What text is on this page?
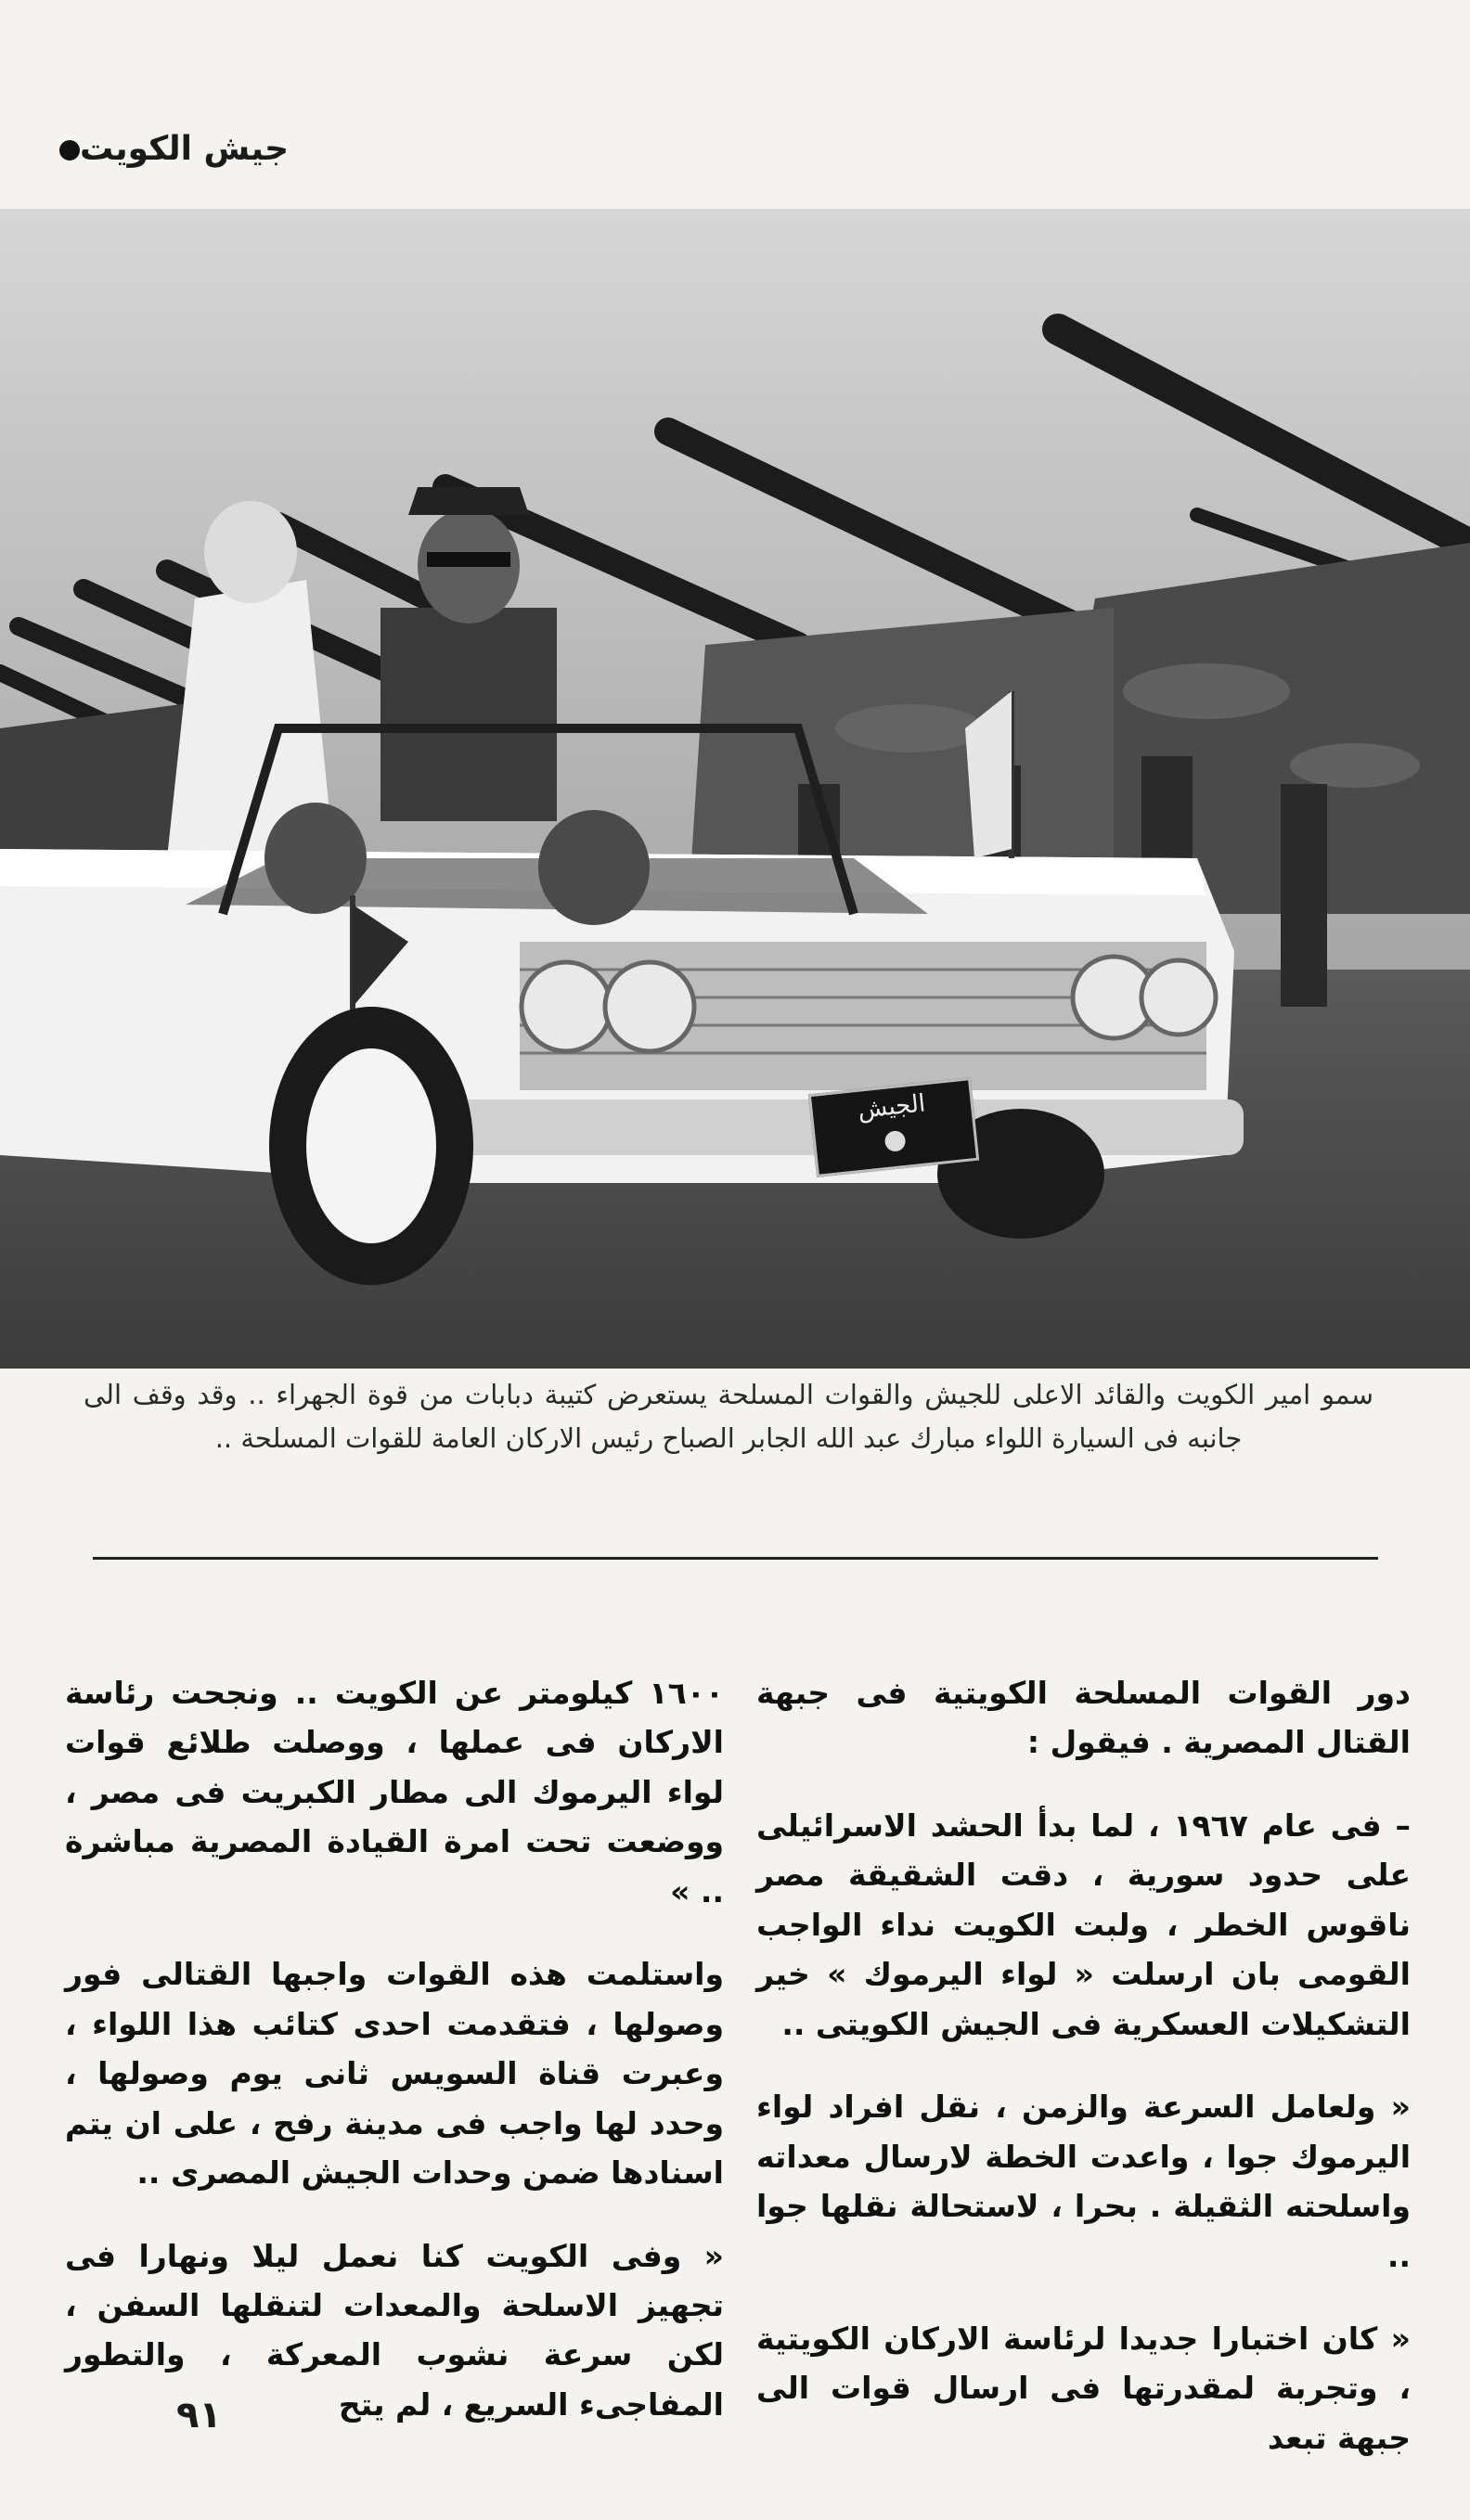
جيش الكويت
الجيش
سمو امير الكويت والقائد الاعلى للجيش والقوات المسلحة يستعرض كتيبة دبابات من قوة الجهراء .. وقد وقف الى جانبه فى السيارة اللواء مبارك عبد الله الجابر الصباح رئيس الاركان العامة للقوات المسلحة ..

دور القوات المسلحة الكويتية فى جبهة القتال المصرية . فيقول :

– فى عام ١٩٦٧ ، لما بدأ الحشد الاسرائيلى على حدود سورية ، دقت الشقيقة مصر ناقوس الخطر ، ولبت الكويت نداء الواجب القومى بان ارسلت « لواء اليرموك » خير التشكيلات العسكرية فى الجيش الكويتى ..

« ولعامل السرعة والزمن ، نقل افراد لواء اليرموك جوا ، واعدت الخطة لارسال معداته واسلحته الثقيلة . بحرا ، لاستحالة نقلها جوا ..

« كان اختبارا جديدا لرئاسة الاركان الكويتية ، وتجربة لمقدرتها فى ارسال قوات الى جبهة تبعد

١٦٠٠ كيلومتر عن الكويت .. ونجحت رئاسة الاركان فى عملها ، ووصلت طلائع قوات لواء اليرموك الى مطار الكبريت فى مصر ، ووضعت تحت امرة القيادة المصرية مباشرة .. »

واستلمت هذه القوات واجبها القتالى فور وصولها ، فتقدمت احدى كتائب هذا اللواء ، وعبرت قناة السويس ثانى يوم وصولها ، وحدد لها واجب فى مدينة رفح ، على ان يتم اسنادها ضمن وحدات الجيش المصرى ..

« وفى الكويت كنا نعمل ليلا ونهارا فى تجهيز الاسلحة والمعدات لتنقلها السفن ، لكن سرعة نشوب المعركة ، والتطور المفاجىء السريع ، لم يتح

٩١
